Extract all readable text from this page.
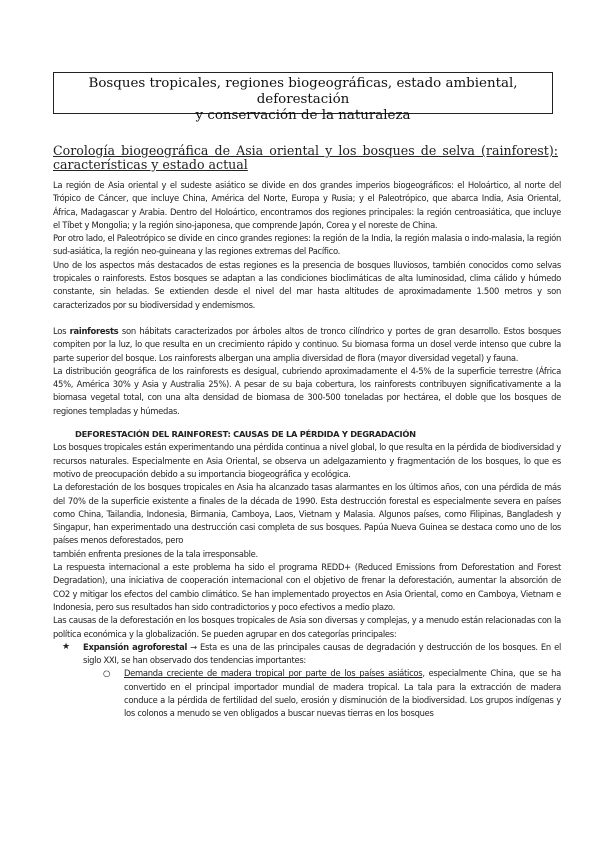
Bosques tropicales, regiones biogeográficas, estado ambiental, deforestación
y conservación de la naturaleza
Corología biogeográfica de Asia oriental y los bosques de selva (rainforest): características y estado actual

La región de Asia oriental y el sudeste asiático se divide en dos grandes imperios biogeográficos: el Holoártico, al norte del Trópico de Cáncer, que incluye China, América del Norte, Europa y Rusia; y el Paleotrópico, que abarca India, Asia Oriental, África, Madagascar y Arabia. Dentro del Holoártico, encontramos dos regiones principales: la región centroasiática, que incluye el Tíbet y Mongolia; y la región sino-japonesa, que comprende Japón, Corea y el noreste de China.

Por otro lado, el Paleotrópico se divide en cinco grandes regiones: la región de la India, la región malasia o indo-malasia, la región sud-asiática, la región neo-guineana y las regiones extremas del Pacífico.

Uno de los aspectos más destacados de estas regiones es la presencia de bosques lluviosos, también conocidos como selvas tropicales o rainforests. Estos bosques se adaptan a las condiciones bioclimáticas de alta luminosidad, clima cálido y húmedo constante, sin heladas. Se extienden desde el nivel del mar hasta altitudes de aproximadamente 1.500 metros y son caracterizados por su biodiversidad y endemismos.

Los rainforests son hábitats caracterizados por árboles altos de tronco cilíndrico y portes de gran desarrollo. Estos bosques compiten por la luz, lo que resulta en un crecimiento rápido y continuo. Su biomasa forma un dosel verde intenso que cubre la parte superior del bosque. Los rainforests albergan una amplia diversidad de flora (mayor diversidad vegetal) y fauna.

La distribución geográfica de los rainforests es desigual, cubriendo aproximadamente el 4-5% de la superficie terrestre (África 45%, América 30% y Asia y Australia 25%). A pesar de su baja cobertura, los rainforests contribuyen significativamente a la biomasa vegetal total, con una alta densidad de biomasa de 300-500 toneladas por hectárea, el doble que los bosques de regiones templadas y húmedas.

DEFORESTACIÓN DEL RAINFOREST: CAUSAS DE LA PÉRDIDA Y DEGRADACIÓN

Los bosques tropicales están experimentando una pérdida continua a nivel global, lo que resulta en la pérdida de biodiversidad y recursos naturales. Especialmente en Asia Oriental, se observa un adelgazamiento y fragmentación de los bosques, lo que es motivo de preocupación debido a su importancia biogeográfica y ecológica.

La deforestación de los bosques tropicales en Asia ha alcanzado tasas alarmantes en los últimos años, con una pérdida de más del 70% de la superficie existente a finales de la década de 1990. Esta destrucción forestal es especialmente severa en países como China, Tailandia, Indonesia, Birmania, Camboya, Laos, Vietnam y Malasia. Algunos países, como Filipinas, Bangladesh y Singapur, han experimentado una destrucción casi completa de sus bosques. Papúa Nueva Guinea se destaca como uno de los países menos deforestados, pero

también enfrenta presiones de la tala irresponsable.

La respuesta internacional a este problema ha sido el programa REDD+ (Reduced Emissions from Deforestation and Forest Degradation), una iniciativa de cooperación internacional con el objetivo de frenar la deforestación, aumentar la absorción de CO2 y mitigar los efectos del cambio climático. Se han implementado proyectos en Asia Oriental, como en Camboya, Vietnam e Indonesia, pero sus resultados han sido contradictorios y poco efectivos a medio plazo.

Las causas de la deforestación en los bosques tropicales de Asia son diversas y complejas, y a menudo están relacionadas con la política económica y la globalización. Se pueden agrupar en dos categorías principales:

★ Expansión agroforestal → Esta es una de las principales causas de degradación y destrucción de los bosques. En el siglo XXI, se han observado dos tendencias importantes:
○ Demanda creciente de madera tropical por parte de los países asiáticos, especialmente China, que se ha convertido en el principal importador mundial de madera tropical. La tala para la extracción de madera conduce a la pérdida de fertilidad del suelo, erosión y disminución de la biodiversidad. Los grupos indígenas y los colonos a menudo se ven obligados a buscar nuevas tierras en los bosques
